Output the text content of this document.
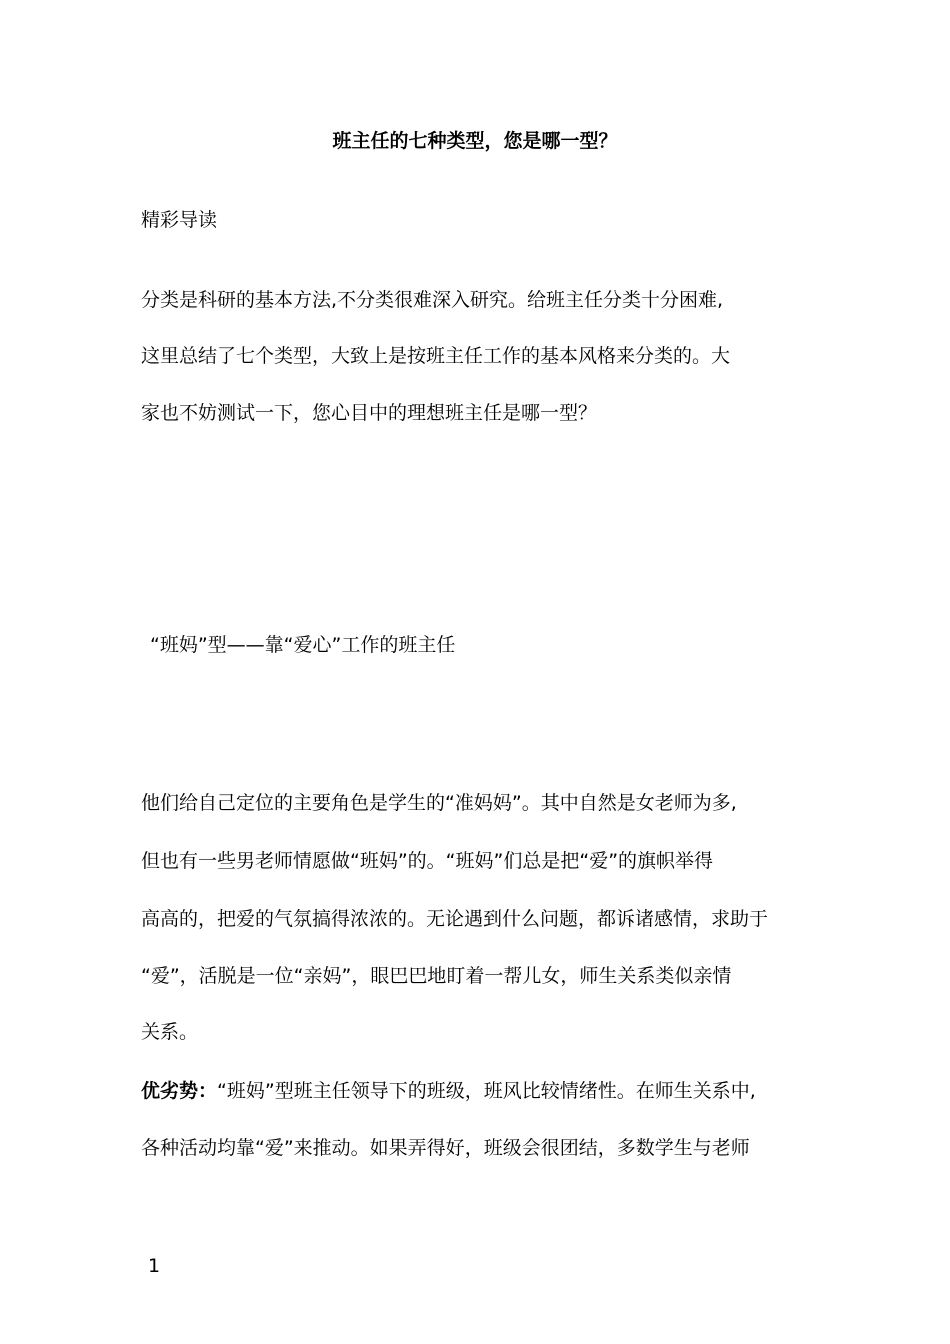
班主任的七种类型，您是哪一型？
精彩导读
分类是科研的基本方法,不分类很难深入研究。给班主任分类十分困难,
这里总结了七个类型，大致上是按班主任工作的基本风格来分类的。大
家也不妨测试一下，您心目中的理想班主任是哪一型？
“班妈”型——靠“爱心”工作的班主任
他们给自己定位的主要角色是学生的“准妈妈”。其中自然是女老师为多,
但也有一些男老师情愿做“班妈”的。“班妈”们总是把“爱”的旗帜举得
高高的，把爱的气氛搞得浓浓的。无论遇到什么问题，都诉诸感情，求助于
“爱”，活脱是一位“亲妈”，眼巴巴地盯着一帮儿女，师生关系类似亲情
关系。
优劣势：“班妈”型班主任领导下的班级，班风比较情绪性。在师生关系中,
各种活动均靠“爱”来推动。如果弄得好，班级会很团结，多数学生与老师
1
